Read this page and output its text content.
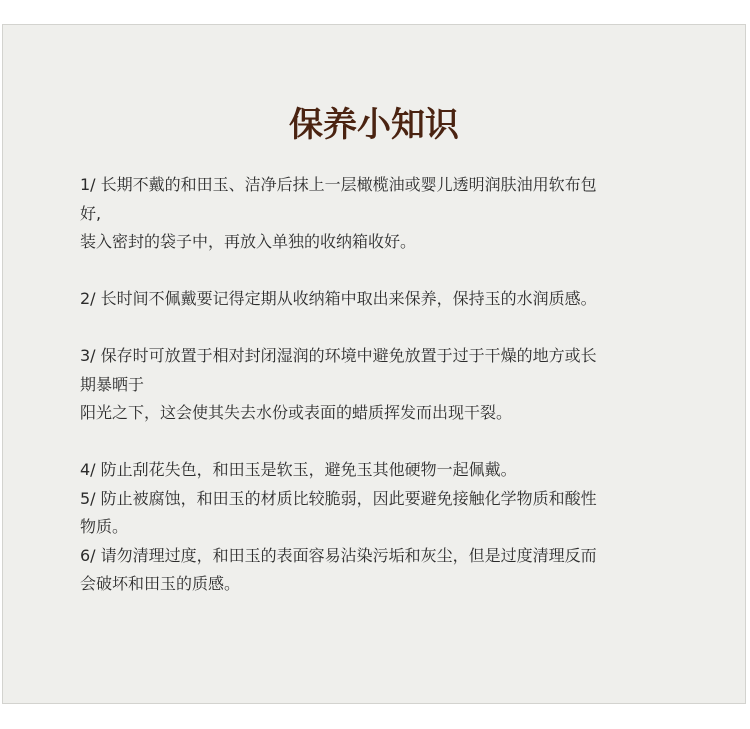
保养小知识

1/ 长期不戴的和田玉、洁净后抹上一层橄榄油或婴儿透明润肤油用软布包

好,

装入密封的袋子中，再放入单独的收纳箱收好。

2/ 长时间不佩戴要记得定期从收纳箱中取出来保养，保持玉的水润质感。

3/ 保存时可放置于相对封闭湿润的环境中避免放置于过于干燥的地方或长

期暴晒于

阳光之下，这会使其失去水份或表面的蜡质挥发而出现干裂。

4/ 防止刮花失色，和田玉是软玉，避免玉其他硬物一起佩戴。

5/ 防止被腐蚀，和田玉的材质比较脆弱，因此要避免接触化学物质和酸性

物质。

6/ 请勿清理过度，和田玉的表面容易沾染污垢和灰尘，但是过度清理反而

会破坏和田玉的质感。
